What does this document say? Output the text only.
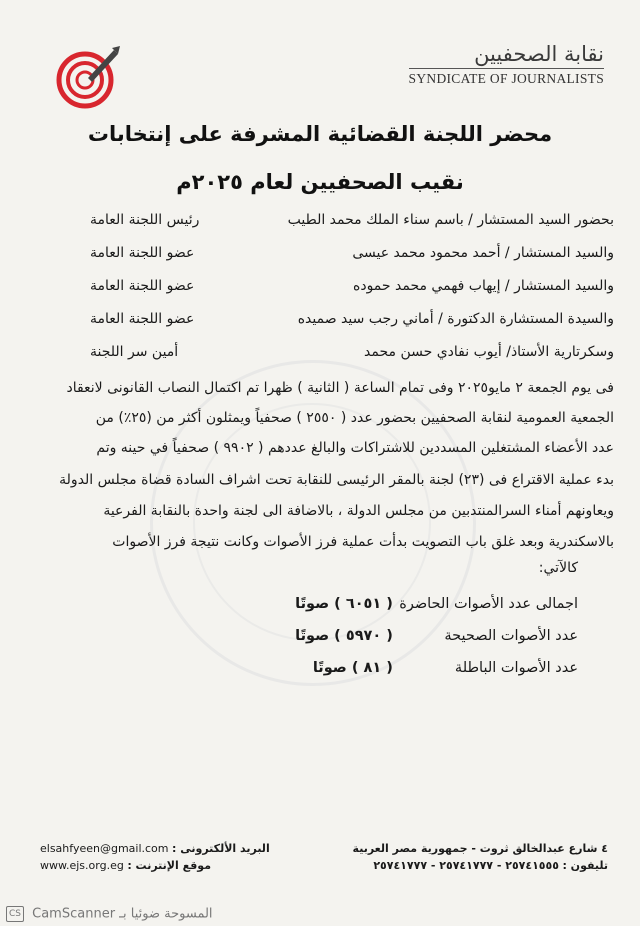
نقابة الصحفيين
SYNDICATE OF JOURNALISTS
محضر اللجنة القضائية المشرفة على إنتخابات
نقيب الصحفيين لعام ٢٠٢٥م
بحضور السيد المستشار / باسم سناء الملك محمد الطيب
رئيس اللجنة العامة
والسيد المستشار / أحمد محمود محمد عيسى
عضو اللجنة العامة
والسيد المستشار / إيهاب فهمي محمد حموده
عضو اللجنة العامة
والسيدة المستشارة الدكتورة / أماني رجب سيد صميده
عضو اللجنة العامة
وسكرتارية الأستاذ/ أيوب نفادي حسن محمد
أمين سر اللجنة
فى يوم الجمعة ٢ مايو٢٠٢٥ وفى تمام الساعة ( الثانية ) ظهرا تم اكتمال النصاب القانونى لانعقاد
الجمعية العمومية لنقابة الصحفيين بحضور عدد ( ٢٥٥٠ ) صحفياً ويمثلون أكثر من (٢٥٪) من
عدد الأعضاء المشتغلين المسددين للاشتراكات والبالغ عددهم ( ٩٩٠٢ ) صحفياً في حينه وتم
بدء عملية الاقتراع فى (٢٣) لجنة بالمقر الرئيسى للنقابة تحت اشراف السادة قضاة مجلس الدولة
ويعاونهم أمناء السرالمنتدبين من مجلس الدولة ، بالاضافة الى لجنة واحدة بالنقابة الفرعية
بالاسكندرية وبعد غلق باب التصويت بدأت عملية فرز الأصوات وكانت نتيجة فرز الأصوات
كالآتي:
اجمالى عدد الأصوات الحاضرة ( ٦٠٥١ ) صوتًا
عدد الأصوات الصحيحة ( ٥٩٧٠ ) صوتًا
عدد الأصوات الباطلة ( ٨١ ) صوتًا
البريد الألكترونى : elsahfyeen@gmail.com
موقع الإنترنت : www.ejs.org.eg
٤ شارع عبدالخالق ثروت - جمهورية مصر العربية
تليفون : ٢٥٧٤١٥٥٥ - ٢٥٧٤١٧٧٧ - ٢٥٧٤١٧٧٧
CS CamScanner المسوحة ضوئيا بـ
